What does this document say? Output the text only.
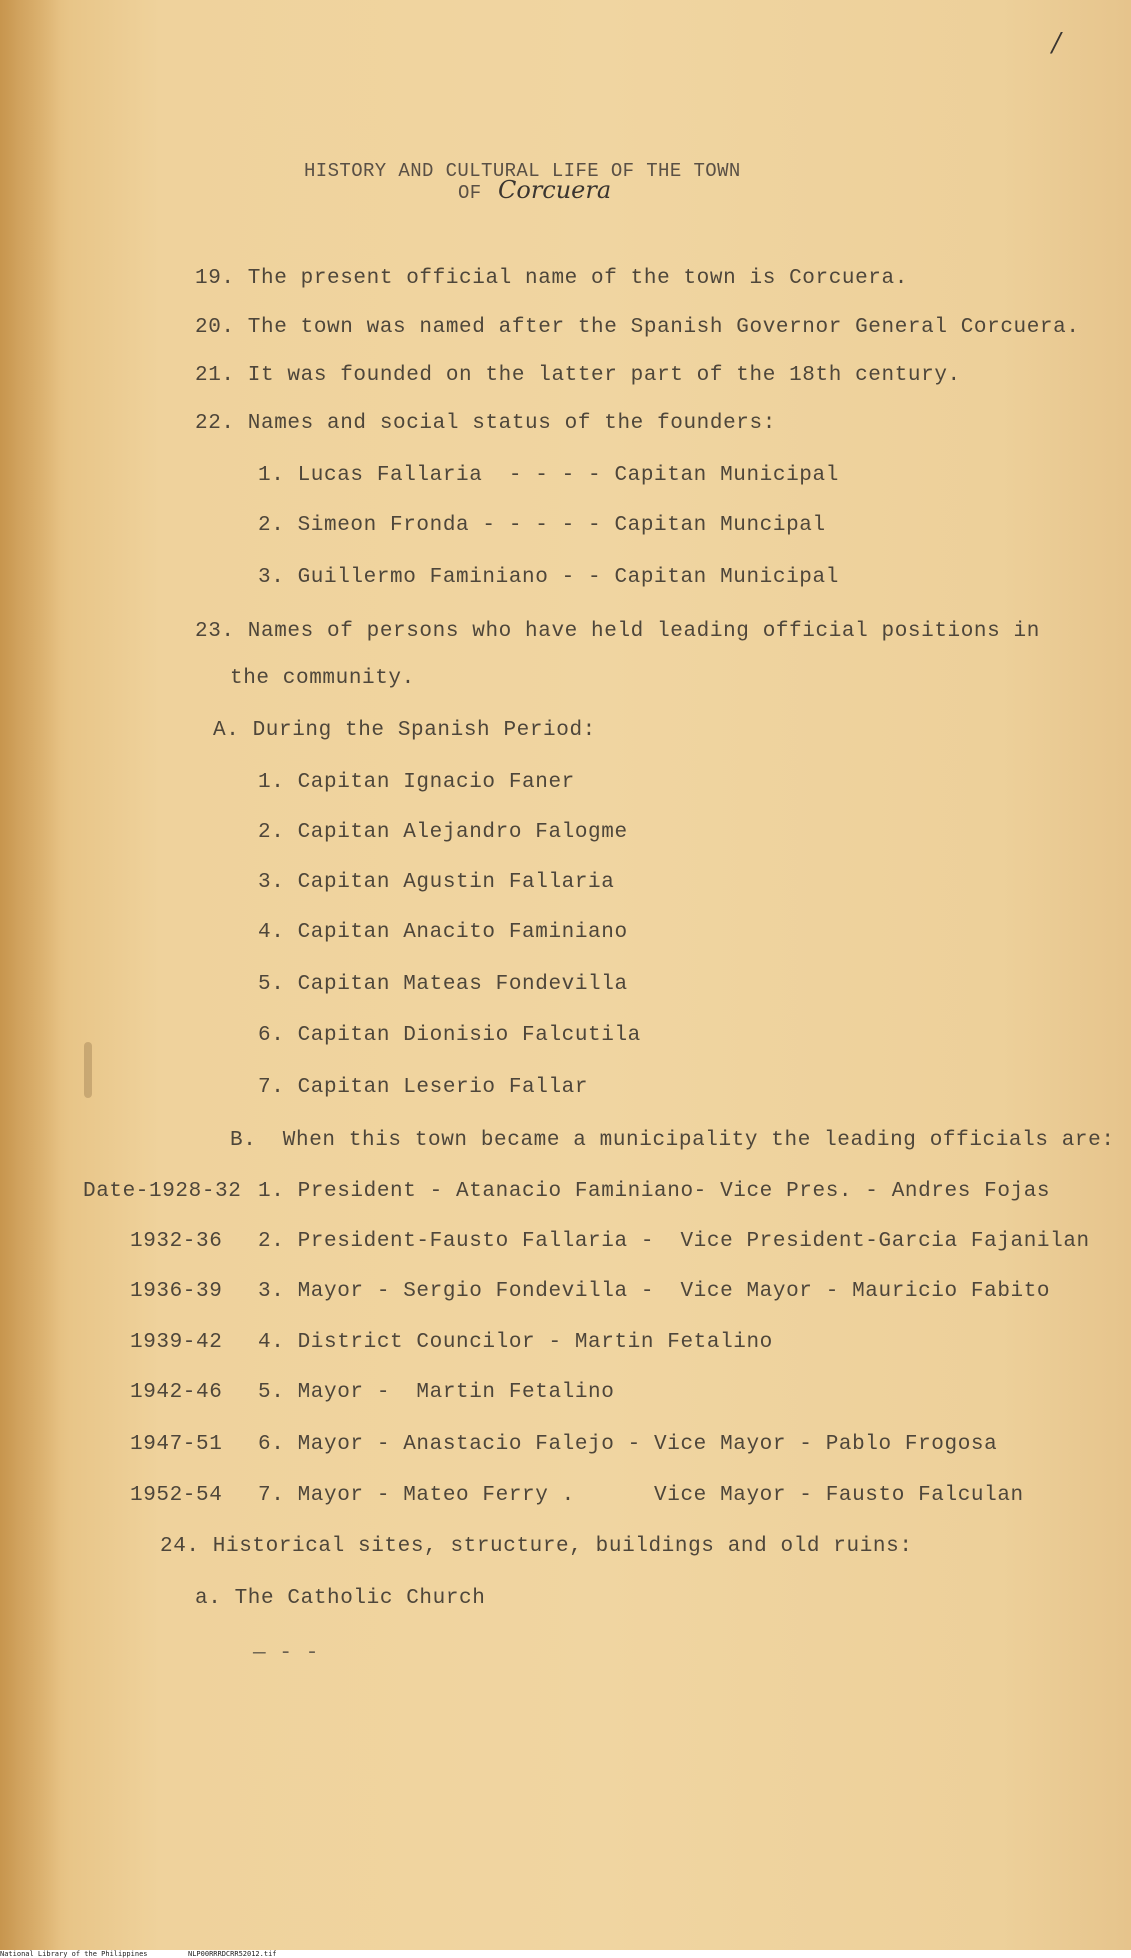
/
HISTORY AND CULTURAL LIFE OF THE TOWN
OF Corcuera
19. The present official name of the town is Corcuera.
20. The town was named after the Spanish Governor General Corcuera.
21. It was founded on the latter part of the 18th century.
22. Names and social status of the founders:
1. Lucas Fallaria  - - - - Capitan Municipal
2. Simeon Fronda - - - - - Capitan Muncipal
3. Guillermo Faminiano - - Capitan Municipal
23. Names of persons who have held leading official positions in
the community.
A. During the Spanish Period:
1. Capitan Ignacio Faner
2. Capitan Alejandro Falogme
3. Capitan Agustin Fallaria
4. Capitan Anacito Faminiano
5. Capitan Mateas Fondevilla
6. Capitan Dionisio Falcutila
7. Capitan Leserio Fallar
B.  When this town became a municipality the leading officials are:
Date-1928-32 1. President - Atanacio Faminiano- Vice Pres. - Andres Fojas
1932-36 2. President-Fausto Fallaria -  Vice President-Garcia Fajanilan
1936-39 3. Mayor - Sergio Fondevilla -  Vice Mayor - Mauricio Fabito
1939-42 4. District Councilor - Martin Fetalino
1942-46 5. Mayor -  Martin Fetalino
1947-51 6. Mayor - Anastacio Falejo - Vice Mayor - Pablo Frogosa
1952-54 7. Mayor - Mateo Ferry .      Vice Mayor - Fausto Falculan
24. Historical sites, structure, buildings and old ruins:
a. The Catholic Church
— - -
National Library of the Philippines	NLP00RRRDCRR52012.tif
